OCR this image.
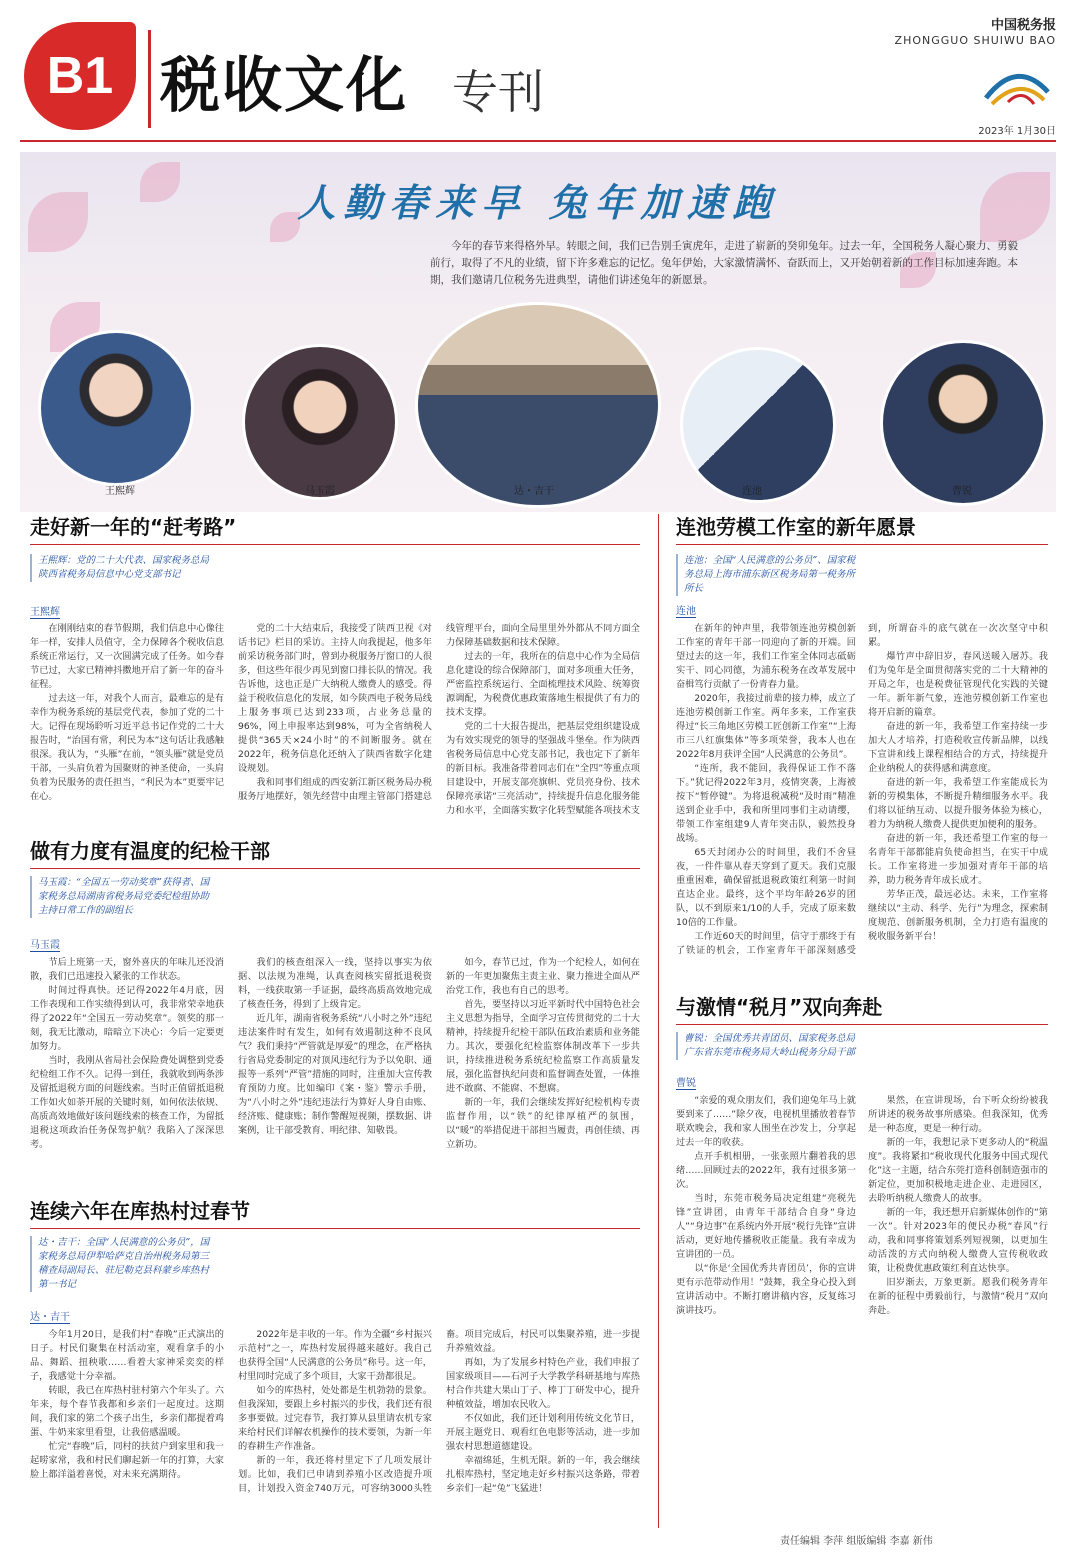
B1 税收文化 专刊
中国税务报
ZHONGGUO SHUIWU BAO
2023年 1月30日
人勤春来早 兔年加速跑
今年的春节来得格外早。转眼之间，我们已告别壬寅虎年，走进了崭新的癸卯兔年。过去一年，全国税务人凝心聚力、勇毅前行，取得了不凡的业绩，留下许多难忘的记忆。兔年伊始，大家激情满怀、奋跃而上，又开始朝着新的工作目标加速奔跑。本期，我们邀请几位税务先进典型，请他们讲述兔年的新愿景。
王熙辉	马玉霞	达・吉干	连池	曹锐
走好新一年的“赶考路”
王熙辉：党的二十大代表、国家税务总局陕西省税务局信息中心党支部书记
王熙辉

在刚刚结束的春节假期，我们信息中心像往年一样，安排人员值守，全力保障各个税收信息系统正常运行，又一次圆满完成了任务。如今春节已过，大家已精神抖擞地开启了新一年的奋斗征程。

过去这一年，对我个人而言，最难忘的是有幸作为税务系统的基层党代表，参加了党的二十大。记得在现场聆听习近平总书记作党的二十大报告时，“治国有常，利民为本”这句话让我感触很深。我认为，“头雁”在前，“领头雁”就是党员干部，一头肩负着为国聚财的神圣使命，一头肩负着为民服务的责任担当，“利民为本”更要牢记在心。

党的二十大结束后，我接受了陕西卫视《对话书记》栏目的采访。主持人向我提起，他多年前采访税务部门时，曾到办税服务厅窗口的人很多，但这些年很少再见到窗口排长队的情况。我告诉他，这也正是广大纳税人缴费人的感受。得益于税收信息化的发展，如今陕西电子税务局线上服务事项已达到233项，占业务总量的96%，网上申报率达到98%，可为全省纳税人提供“365天×24小时”的不间断服务。就在2022年，税务信息化还纳入了陕西省数字化建设规划。

我和同事们组成的西安新江新区税务局办税服务厅地摆好，领先经营中由理主管部门搭建总线管理平台，面向全局里里外外都从不同方面全力保障基础数据和技术保障。

过去的一年，我所在的信息中心作为全局信息化建设的综合保障部门，面对多项重大任务，严密监控系统运行、全面梳理技术风险、统筹资源调配，为税费优惠政策落地生根提供了有力的技术支撑。

党的二十大报告提出，把基层党组织建设成为有效实现党的领导的坚强战斗堡垒。作为陕西省税务局信息中心党支部书记，我也定下了新年的新目标。我准备带着同志们在“全四”等重点项目建设中，开展支部亮旗帜、党员亮身份、技术保障亮承诺“三亮活动”，持续提升信息化服务能力和水平，全面落实数字化转型赋能各项技术支

做有力度有温度的纪检干部
马玉霞：“全国五一劳动奖章”获得者、国家税务总局湖南省税务局党委纪检组协助主持日常工作的副组长
马玉霞

节后上班第一天，窗外喜庆的年味儿还没消散，我们已迅速投入紧张的工作状态。

时间过得真快。还记得2022年4月底，因工作表现和工作实绩得到认可，我非常荣幸地获得了2022年“全国五一劳动奖章”。领奖的那一刻，我无比激动，暗暗立下决心：今后一定要更加努力。

当时，我刚从省局社会保险费处调整到党委纪检组工作不久。记得一到任，我就收到两条涉及留抵退税方面的问题线索。当时正值留抵退税工作如火如荼开展的关键时刻，如何依法依规、高质高效地做好该问题线索的核查工作，为留抵退税这项政治任务保驾护航？我陷入了深深思考。

我们的核查组深入一线，坚持以事实为依据、以法规为准绳，认真查阅核实留抵退税资料，一线获取第一手证据，最终高质高效地完成了核查任务，得到了上级肯定。

近几年，湖南省税务系统“八小时之外”违纪违法案件时有发生，如何有效遏制这种不良风气？我们秉持“严管就是厚爱”的理念，在严格执行省局党委制定的对顶风违纪行为予以免职、通报等一系列“严管”措施的同时，注重加大宣传教育预防力度。比如编印《案・鉴》警示手册，为“八小时之外”违纪违法行为算好人身自由账、经济账、健康账；制作警醒短视频，摆数据、讲案例，让干部受教育、明纪律、知敬畏。

如今，春节已过，作为一个纪检人，如何在新的一年更加聚焦主责主业、聚力推进全面从严治党工作，我也有自己的思考。

首先，要坚持以习近平新时代中国特色社会主义思想为指导，全面学习宣传贯彻党的二十大精神，持续提升纪检干部队伍政治素质和业务能力。其次，要强化纪检监察体制改革下一步共识，持续推进税务系统纪检监察工作高质量发展，强化监督执纪问责和监督调查处置，一体推进不敢腐、不能腐、不想腐。

新的一年，我们会继续发挥好纪检机构专责监督作用，以“铁”的纪律厚植严的氛围，以“暖”的举措促进干部担当履责，再创佳绩、再立新功。

连续六年在库热村过春节
达・吉干：全国“人民满意的公务员”，国家税务总局伊犁哈萨克自治州税务局第三稽查局副局长、驻尼勒克县科蒙乡库热村第一书记
达・吉干

今年1月20日，是我们村“春晚”正式演出的日子。村民们聚集在村活动室，观看拿手的小品、舞蹈、扭秧歌……看着大家神采奕奕的样子，我感觉十分幸福。

转眼，我已在库热村驻村第六个年头了。六年来，每个春节我都和乡亲们一起度过。这期间，我们家的第二个孩子出生，乡亲们都提着鸡蛋、牛奶来家里看望，让我倍感温暖。

忙完“春晚”后，同村的扶贫户到家里和我一起唠家常，我和村民们聊起新一年的打算，大家脸上都洋溢着喜悦，对未来充满期待。

2022年是丰收的一年。作为全疆“乡村振兴示范村”之一，库热村发展得越来越好。我自己也获得全国“人民满意的公务员”称号。这一年，村里同时完成了多个项目，大家干劲都很足。

如今的库热村，处处都是生机勃勃的景象。但我深知，要跟上乡村振兴的步伐，我们还有很多事要做。过完春节，我打算从县里请农机专家来给村民们详解农机操作的技术要领，为新一年的春耕生产作准备。

新的一年，我还将村里定下了几项发展计划。比如，我们已申请到养殖小区改造提升项目，计划投入资金740万元，可容纳3000头牲畜。项目完成后，村民可以集聚养殖，进一步提升养殖效益。

再如，为了发展乡村特色产业，我们申报了国家级项目——石河子大学教学科研基地与库热村合作共建大果山丁子、棒丁丁研发中心，提升种植效益，增加农民收入。

不仅如此，我们还计划利用传统文化节日，开展主题党日、观看红色电影等活动，进一步加强农村思想道德建设。

幸福绵延，生机无限。新的一年，我会继续扎根库热村，坚定地走好乡村振兴这条路，带着乡亲们一起“兔”飞猛进！

连池劳模工作室的新年愿景
连池：全国“人民满意的公务员”、国家税务总局上海市浦东新区税务局第一税务所所长
连池

在新年的钟声里，我带领连池劳模创新工作室的青年干部一同迎向了新的开端。回望过去的这一年，我们工作室全体同志砥砺实干、同心同德，为浦东税务在改革发展中奋楫笃行贡献了一份青春力量。

2020年，我接过前辈的接力棒，成立了连池劳模创新工作室。两年多来，工作室获得过“长三角地区劳模工匠创新工作室”“上海市三八红旗集体”等多项荣誉，我本人也在2022年8月获评全国“人民满意的公务员”。

“连所，我不能回，我得保证工作不落下。”犹记得2022年3月，疫情突袭，上海被按下“暂停键”。为将退税减税“及时雨”精准送到企业手中，我和所里同事们主动请缨，带领工作室组建9人青年突击队，毅然投身战场。

65天封闭办公的时间里，我们不舍昼夜，一件件靠从春天穿到了夏天。我们克服重重困难，确保留抵退税政策红利第一时间直达企业。最终，这个平均年龄26岁的团队，以不到原来1/10的人手，完成了原来数10倍的工作量。

工作近60天的时间里，信守于那终于有了铁证的机会，工作室青年干部深刻感受到，所谓奋斗的底气就在一次次坚守中积累。

爆竹声中辞旧岁，春风送暖入屠苏。我们为兔年是全面贯彻落实党的二十大精神的开局之年，也是税费征管现代化实践的关键一年。新年新气象，连池劳模创新工作室也将开启新的篇章。

奋进的新一年，我希望工作室持续一步加大人才培养，打造税收宣传新品牌，以线下宣讲和线上课程相结合的方式，持续提升企业纳税人的获得感和满意度。

奋进的新一年，我希望工作室能成长为新的劳模集体，不断提升精细服务水平。我们将以征纳互动、以提升服务体验为核心，着力为纳税人缴费人提供更加便利的服务。

奋进的新一年，我还希望工作室的每一名青年干部都能肩负使命担当，在实干中成长。工作室将进一步加强对青年干部的培养，助力税务青年成长成才。

芳华正茂，最远必达。未来，工作室将继续以“主动、科学、先行”为理念，探索制度规范、创新服务机制，全力打造有温度的税收服务新平台！

与激情“税月”双向奔赴
曹锐：全国优秀共青团员、国家税务总局广东省东莞市税务局大岭山税务分局干部
曹锐

“亲爱的观众朋友们，我们迎兔年马上就要到来了……”除夕夜，电视机里播放着春节联欢晚会，我和家人围坐在沙发上，分享起过去一年的收获。

点开手机相册，一张张照片翻着我的思绪……回顾过去的2022年，我有过很多第一次。

当时，东莞市税务局决定组建“亮税先锋”宣讲团，由青年干部结合自身“身边人”“身边事”在系统内外开展“税行先锋”宣讲活动，更好地传播税收正能量。我有幸成为宣讲团的一员。

以“你是‘全国优秀共青团员’，你的宣讲更有示范带动作用！”鼓舞，我全身心投入到宣讲活动中。不断打磨讲稿内容，反复练习演讲技巧。

果然，在宣讲现场，台下听众纷纷被我所讲述的税务故事所感染。但我深知，优秀是一种态度，更是一种行动。

新的一年，我想记录下更多动人的“税温度”。我将紧扣“税收现代化服务中国式现代化”这一主题，结合东莞打造科创制造强市的新定位，更加积极地走进企业、走进园区，去聆听纳税人缴费人的故事。

新的一年，我还想开启新媒体创作的“第一次”。针对2023年的便民办税“春风”行动，我和同事将策划系列短视频，以更加生动活泼的方式向纳税人缴费人宣传税收政策，让税费优惠政策红利直达快享。

旧岁渐去，万象更新。愿我们税务青年在新的征程中勇毅前行，与激情“税月”双向奔赴。

责任编辑 李萍 组版编辑 李嘉 新伟
